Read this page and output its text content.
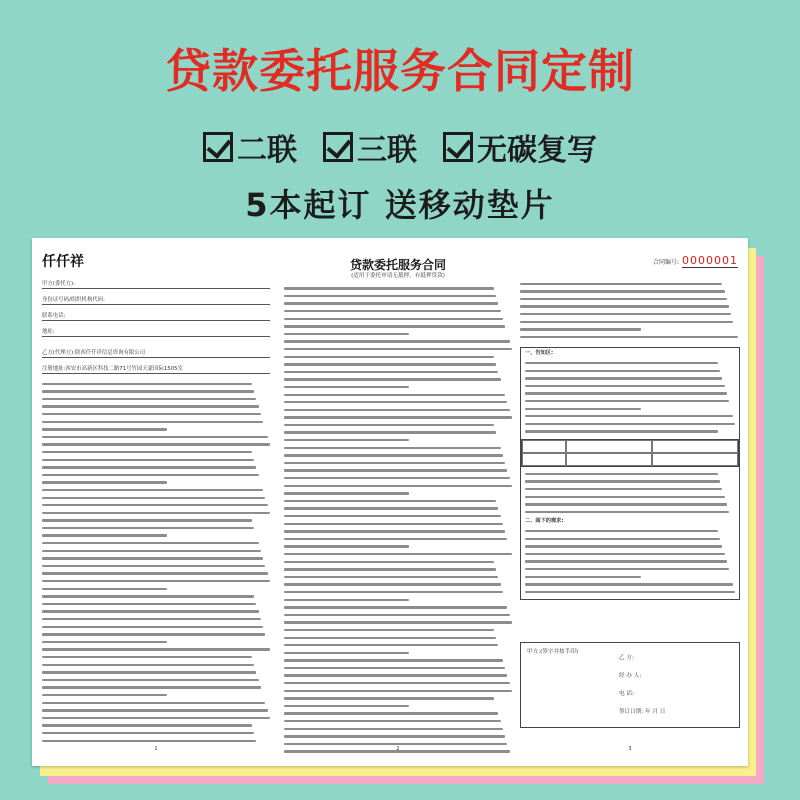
贷款委托服务合同定制
二联 三联 无碳复写
5本起订 送移动垫片
合同编号: 0000001
仟仟祥
甲方(委托方):
身份证号码/组织机构代码:
联系电话:
地址:
乙方(代理方):陕西仟仟祥信息咨询有限公司
注册地址:西安市高新区科技二路71号竹园天豪国际1505室
1
贷款委托服务合同
(适用于委托申请无抵押、有抵押贷款)
2
一、告知区:
二、阅下的需求:
甲方:(签字并按手印)
乙 方:
经 办 人:
电 话:
签订日期: 年 月 日
3
